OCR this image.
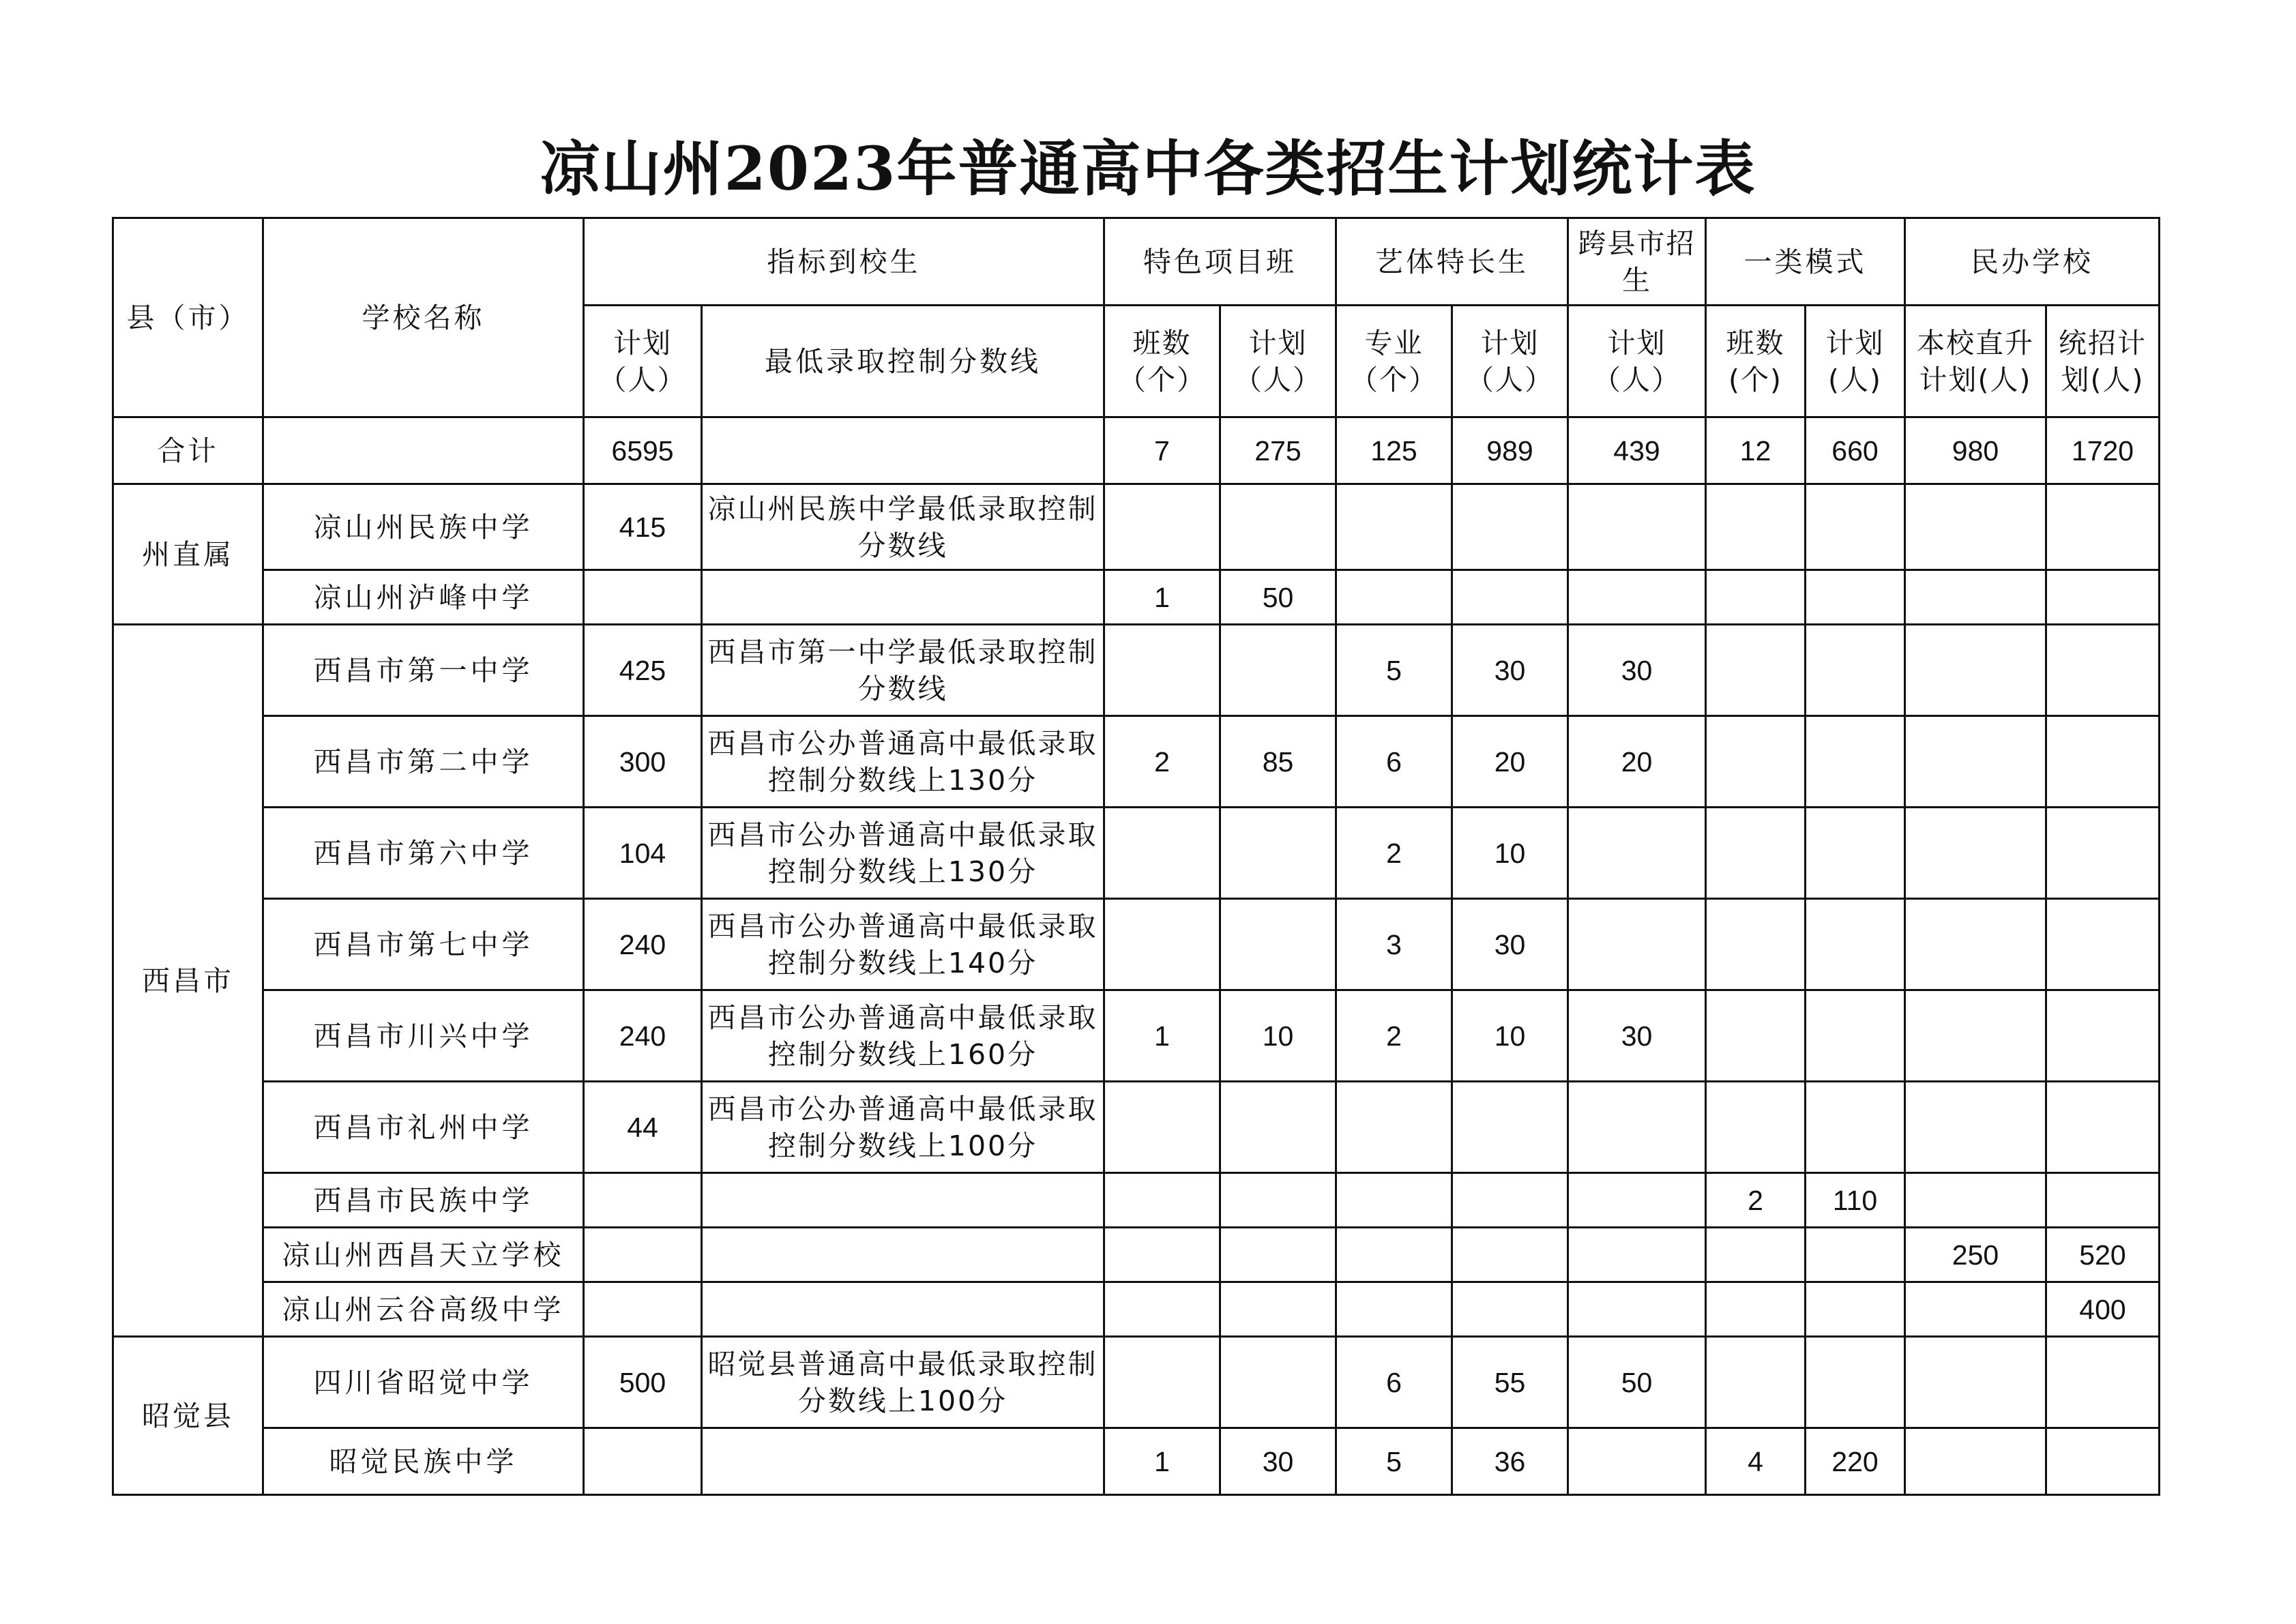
凉山州2023年普通高中各类招生计划统计表
县（市）	学校名称	指标到校生		特色项目班		艺体特长生		跨县市招生	一类模式		民办学校	
		计划（人）	最低录取控制分数线	班数（个）	计划（人）	专业（个）	计划（人）	计划（人）	班数(个)	计划(人)	本校直升计划(人)	统招计划(人)
合计		6595		7	275	125	989	439	12	660	980	1720
州直属	凉山州民族中学	415	凉山州民族中学最低录取控制分数线									
	凉山州泸峰中学			1	50							
西昌市	西昌市第一中学	425	西昌市第一中学最低录取控制分数线			5	30	30				
	西昌市第二中学	300	西昌市公办普通高中最低录取控制分数线上130分	2	85	6	20	20				
	西昌市第六中学	104	西昌市公办普通高中最低录取控制分数线上130分			2	10					
	西昌市第七中学	240	西昌市公办普通高中最低录取控制分数线上140分			3	30					
	西昌市川兴中学	240	西昌市公办普通高中最低录取控制分数线上160分	1	10	2	10	30				
	西昌市礼州中学	44	西昌市公办普通高中最低录取控制分数线上100分									
	西昌市民族中学								2	110		
	凉山州西昌天立学校										250	520
	凉山州云谷高级中学											400
昭觉县	四川省昭觉中学	500	昭觉县普通高中最低录取控制分数线上100分			6	55	50				
	昭觉民族中学			1	30	5	36		4	220		
